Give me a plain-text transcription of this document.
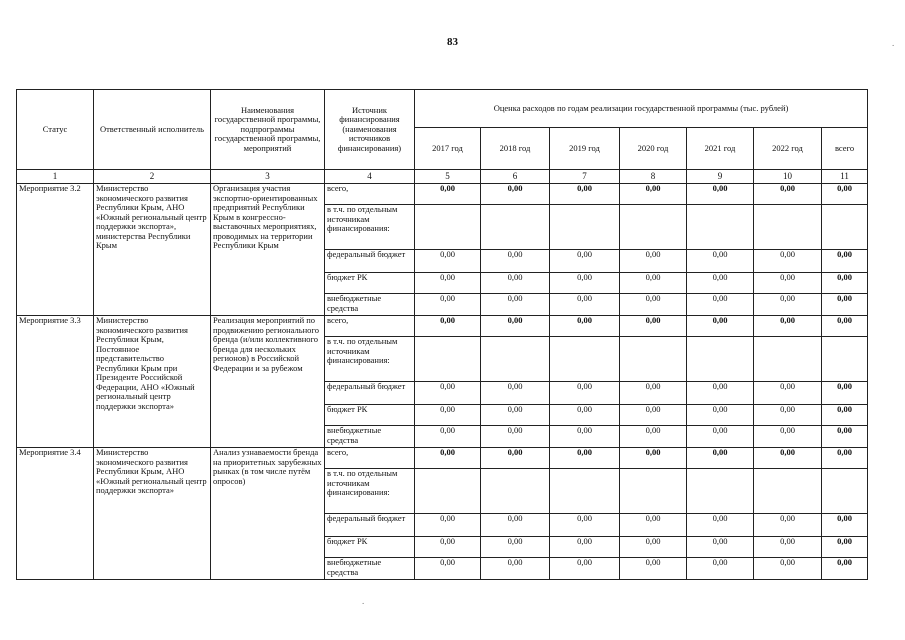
83	.
.
Статус	Ответственный исполнитель	Наименования государственной программы, подпрограммы государственной программы, мероприятий	Источник финансирования (наименования источников финансирования)	Оценка расходов по годам реализации государственной программы (тыс. рублей)						
				2017 год	2018 год	2019 год	2020 год	2021 год	2022 год	всего
1	2	3	4	5	6	7	8	9	10	11
Мероприятие 3.2	Министерство экономического развития Республики Крым, АНО «Южный региональный центр поддержки экспорта», министерства Республики Крым	Организация участия экспортно-ориентированных предприятий Республики Крым в конгрессно-выставочных мероприятиях, проводимых на территории Республики Крым	всего,	0,00	0,00	0,00	0,00	0,00	0,00	0,00
			в т.ч. по отдельным источникам финансирования:							
			федеральный бюджет	0,00	0,00	0,00	0,00	0,00	0,00	0,00
			бюджет РК	0,00	0,00	0,00	0,00	0,00	0,00	0,00
			внебюджетные средства	0,00	0,00	0,00	0,00	0,00	0,00	0,00
Мероприятие 3.3	Министерство экономического развития Республики Крым, Постоянное представительство Республики Крым при Президенте Российской Федерации, АНО «Южный региональный центр поддержки экспорта»	Реализация мероприятий по продвижению регионального бренда (и/или коллективного бренда для нескольких регионов) в Российской Федерации и за рубежом	всего,	0,00	0,00	0,00	0,00	0,00	0,00	0,00
			в т.ч. по отдельным источникам финансирования:							
			федеральный бюджет	0,00	0,00	0,00	0,00	0,00	0,00	0,00
			бюджет РК	0,00	0,00	0,00	0,00	0,00	0,00	0,00
			внебюджетные средства	0,00	0,00	0,00	0,00	0,00	0,00	0,00
Мероприятие 3.4	Министерство экономического развития Республики Крым, АНО «Южный региональный центр поддержки экспорта»	Анализ узнаваемости бренда на приоритетных зарубежных рынках (в том числе путём опросов)	всего,	0,00	0,00	0,00	0,00	0,00	0,00	0,00
			в т.ч. по отдельным источникам финансирования:							
			федеральный бюджет	0,00	0,00	0,00	0,00	0,00	0,00	0,00
			бюджет РК	0,00	0,00	0,00	0,00	0,00	0,00	0,00
			внебюджетные средства	0,00	0,00	0,00	0,00	0,00	0,00	0,00
